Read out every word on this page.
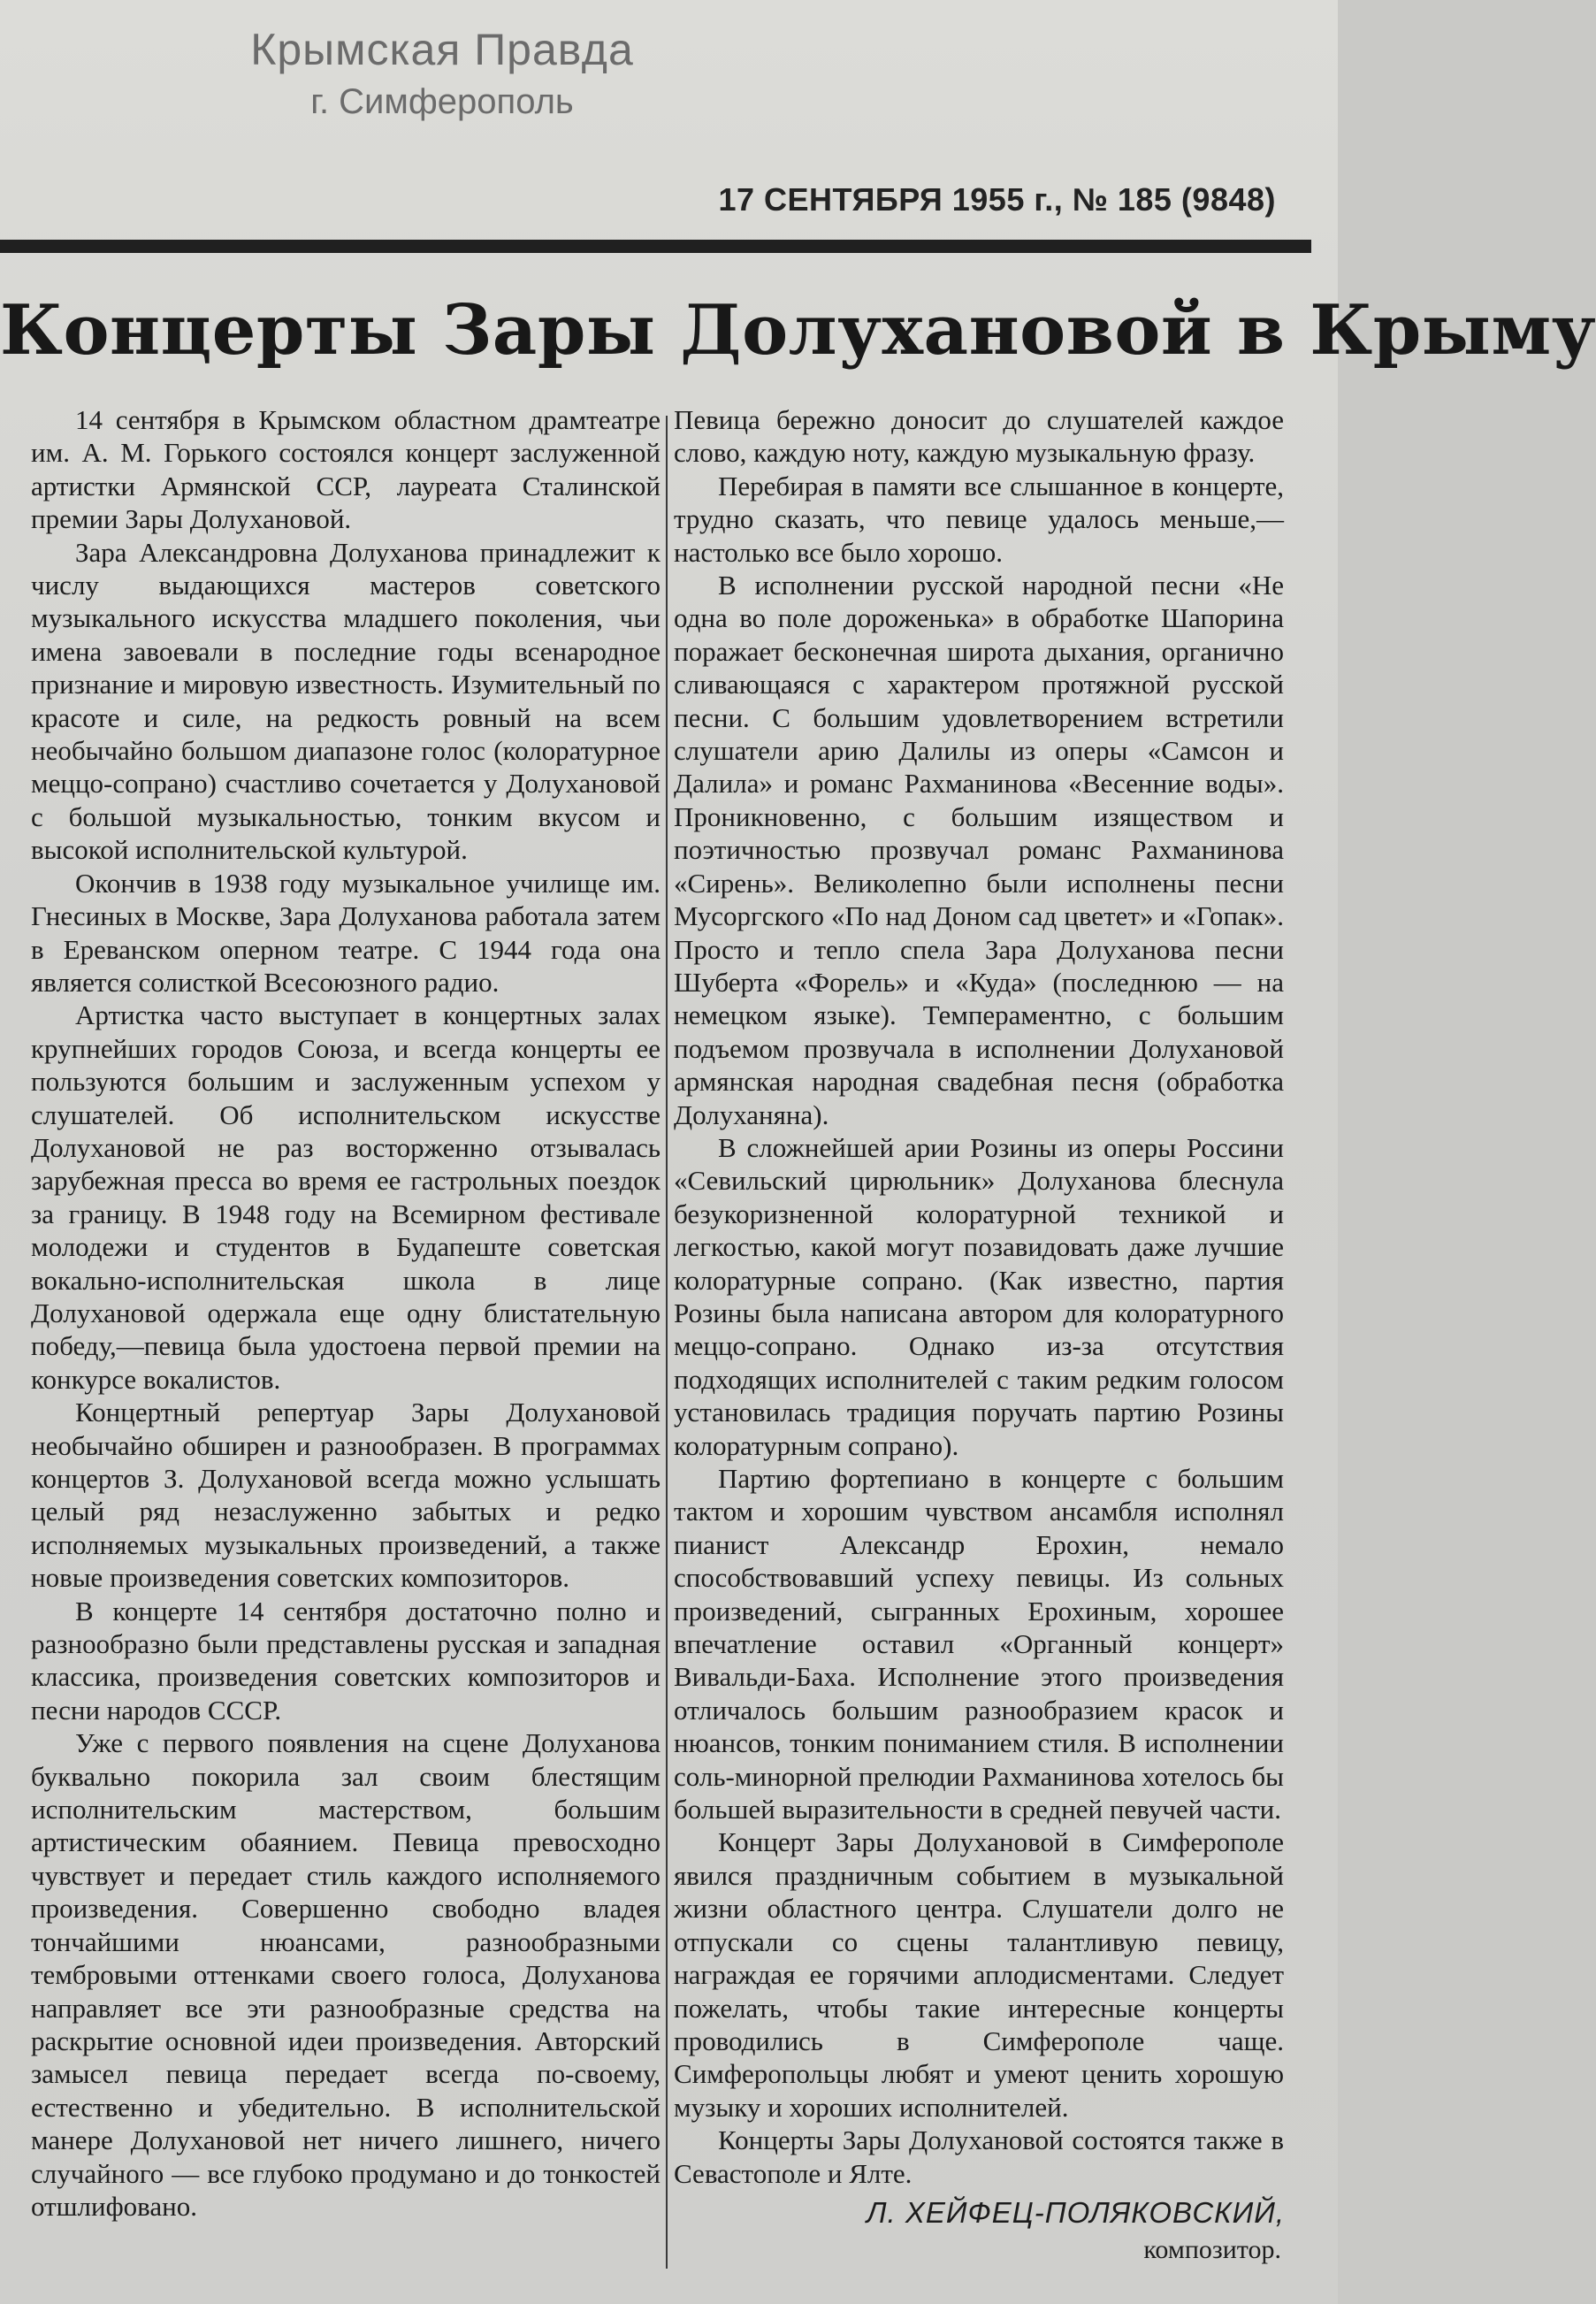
Крымская Правда
г. Симферополь
17 СЕНТЯБРЯ 1955 г., № 185 (9848)
Концерты Зары Долухановой в Крыму

14 сентября в Крымском областном драмтеатре им. А. М. Горького состоялся концерт заслуженной артистки Армянской ССР, лауреата Сталинской премии Зары Долухановой.

Зара Александровна Долуханова принадлежит к числу выдающихся мастеров советского музыкального искусства младшего поколения, чьи имена завоевали в последние годы всенародное признание и мировую известность. Изумительный по красоте и силе, на редкость ровный на всем необычайно большом диапазоне голос (колоратурное меццо-сопрано) счастливо сочетается у Долухановой с большой музыкальностью, тонким вкусом и высокой исполнительской культурой.

Окончив в 1938 году музыкальное училище им. Гнесиных в Москве, Зара Долуханова работала затем в Ереванском оперном театре. С 1944 года она является солисткой Всесоюзного радио.

Артистка часто выступает в концертных залах крупнейших городов Союза, и всегда концерты ее пользуются большим и заслуженным успехом у слушателей. Об исполнительском искусстве Долухановой не раз восторженно отзывалась зарубежная пресса во время ее гастрольных поездок за границу. В 1948 году на Всемирном фестивале молодежи и студентов в Будапеште советская вокально-исполнительская школа в лице Долухановой одержала еще одну блистательную победу,—певица была удостоена первой премии на конкурсе вокалистов.

Концертный репертуар Зары Долухановой необычайно обширен и разнообразен. В программах концертов З. Долухановой всегда можно услышать целый ряд незаслуженно забытых и редко исполняемых музыкальных произведений, а также новые произведения советских композиторов.

В концерте 14 сентября достаточно полно и разнообразно были представлены русская и западная классика, произведения советских композиторов и песни народов СССР.

Уже с первого появления на сцене Долуханова буквально покорила зал своим блестящим исполнительским мастерством, большим артистическим обаянием. Певица превосходно чувствует и передает стиль каждого исполняемого произведения. Совершенно свободно владея тончайшими нюансами, разнообразными тембровыми оттенками своего голоса, Долуханова направляет все эти разнообразные средства на раскрытие основной идеи произведения. Авторский замысел певица передает всегда по-своему, естественно и убедительно. В исполнительской манере Долухановой нет ничего лишнего, ничего случайного — все глубоко продумано и до тонкостей отшлифовано.

Певица бережно доносит до слушателей каждое слово, каждую ноту, каждую музыкальную фразу.

Перебирая в памяти все слышанное в концерте, трудно сказать, что певице удалось меньше,—настолько все было хорошо.

В исполнении русской народной песни «Не одна во поле дороженька» в обработке Шапорина поражает бесконечная широта дыхания, органично сливающаяся с характером протяжной русской песни. С большим удовлетворением встретили слушатели арию Далилы из оперы «Самсон и Далила» и романс Рахманинова «Весенние воды». Проникновенно, с большим изяществом и поэтичностью прозвучал романс Рахманинова «Сирень». Великолепно были исполнены песни Мусоргского «По над Доном сад цветет» и «Гопак». Просто и тепло спела Зара Долуханова песни Шуберта «Форель» и «Куда» (последнюю — на немецком языке). Темпераментно, с большим подъемом прозвучала в исполнении Долухановой армянская народная свадебная песня (обработка Долуханяна).

В сложнейшей арии Розины из оперы Россини «Севильский цирюльник» Долуханова блеснула безукоризненной колоратурной техникой и легкостью, какой могут позавидовать даже лучшие колоратурные сопрано. (Как известно, партия Розины была написана автором для колоратурного меццо-сопрано. Однако из-за отсутствия подходящих исполнителей с таким редким голосом установилась традиция поручать партию Розины колоратурным сопрано).

Партию фортепиано в концерте с большим тактом и хорошим чувством ансамбля исполнял пианист Александр Ерохин, немало способствовавший успеху певицы. Из сольных произведений, сыгранных Ерохиным, хорошее впечатление оставил «Органный концерт» Вивальди-Баха. Исполнение этого произведения отличалось большим разнообразием красок и нюансов, тонким пониманием стиля. В исполнении соль-минорной прелюдии Рахманинова хотелось бы большей выразительности в средней певучей части.

Концерт Зары Долухановой в Симферополе явился праздничным событием в музыкальной жизни областного центра. Слушатели долго не отпускали со сцены талантливую певицу, награждая ее горячими аплодисментами. Следует пожелать, чтобы такие интересные концерты проводились в Симферополе чаще. Симферопольцы любят и умеют ценить хорошую музыку и хороших исполнителей.

Концерты Зары Долухановой состоятся также в Севастополе и Ялте.

Л. ХЕЙФЕЦ-ПОЛЯКОВСКИЙ,
композитор.
